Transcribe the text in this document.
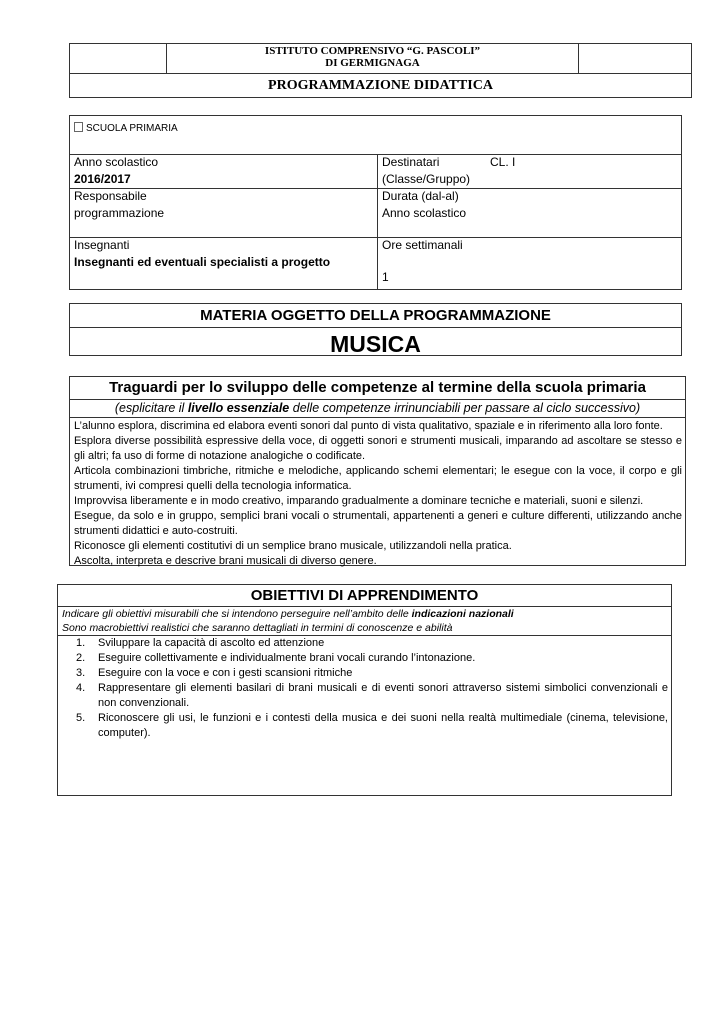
ISTITUTO COMPRENSIVO “G. PASCOLI”
DI GERMIGNAGA
PROGRAMMAZIONE DIDATTICA
SCUOLA PRIMARIA
Anno scolastico
2016/2017
Destinatari	CL. I
(Classe/Gruppo)
Responsabile
programmazione
Durata (dal-al)
Anno scolastico
Insegnanti
Insegnanti ed eventuali specialisti a progetto
Ore settimanali
1
MATERIA OGGETTO DELLA PROGRAMMAZIONE
MUSICA
Traguardi per lo sviluppo delle competenze al termine della scuola primaria
(esplicitare il livello essenziale delle competenze irrinunciabili per passare al ciclo successivo)

L’alunno esplora, discrimina ed elabora eventi sonori dal punto di vista qualitativo, spaziale e in riferimento alla loro fonte.

Esplora diverse possibilità espressive della voce, di oggetti sonori e strumenti musicali, imparando ad ascoltare se stesso e gli altri; fa uso di forme di notazione analogiche o codificate.

Articola combinazioni timbriche, ritmiche e melodiche, applicando schemi elementari; le esegue con la voce, il corpo e gli strumenti, ivi compresi quelli della tecnologia informatica.

Improvvisa liberamente e in modo creativo, imparando gradualmente a dominare tecniche e materiali, suoni e silenzi.

Esegue, da solo e in gruppo, semplici brani vocali o strumentali, appartenenti a generi e culture differenti, utilizzando anche strumenti didattici e auto-costruiti.

Riconosce gli elementi costitutivi di un semplice brano musicale, utilizzandoli nella pratica.

Ascolta, interpreta e descrive brani musicali di diverso genere.

OBIETTIVI DI APPRENDIMENTO
Indicare gli obiettivi misurabili che si intendono perseguire nell’ambito delle indicazioni nazionali
Sono macrobiettivi realistici che saranno dettagliati in termini di conoscenze e abilità
1. Sviluppare la capacità di ascolto ed attenzione
2. Eseguire collettivamente e individualmente brani vocali curando l’intonazione.
3. Eseguire con la voce e con i gesti scansioni ritmiche
4. Rappresentare gli elementi basilari di brani musicali e di eventi sonori attraverso sistemi simbolici convenzionali e non convenzionali.
5. Riconoscere gli usi, le funzioni e i contesti della musica e dei suoni nella realtà multimediale (cinema, televisione, computer).
